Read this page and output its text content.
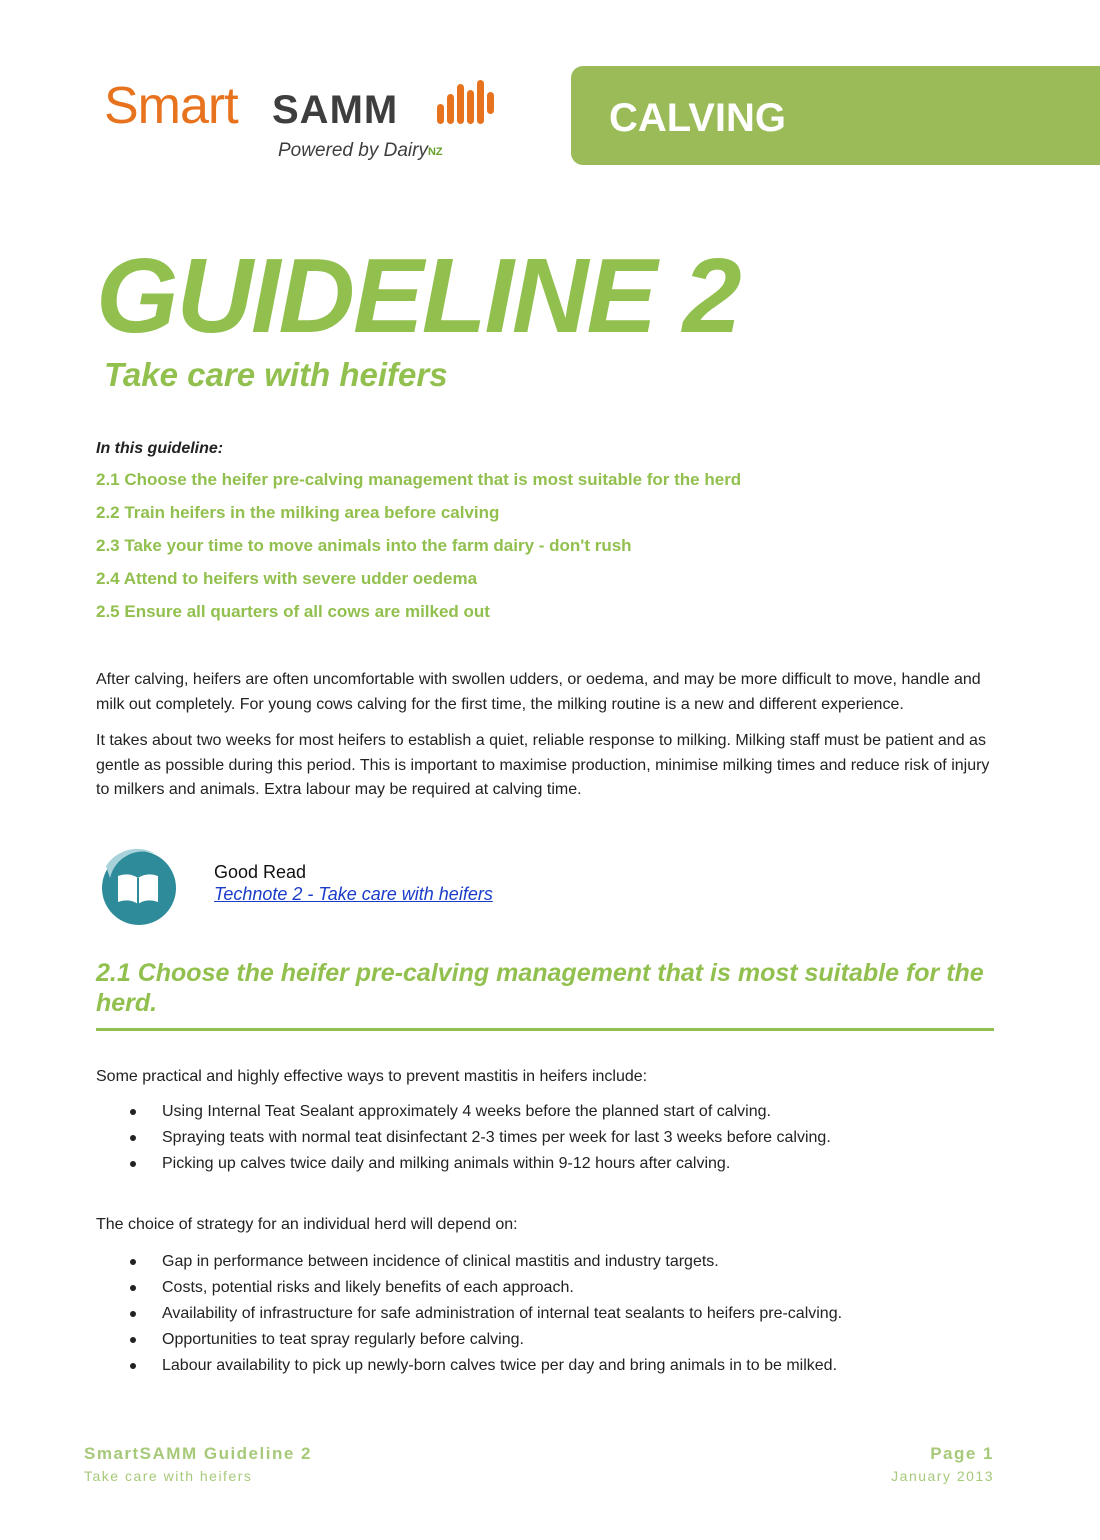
Smart SAMM
Powered by DairyNZ
CALVING
GUIDELINE 2
Take care with heifers
In this guideline:
2.1 Choose the heifer pre-calving management that is most suitable for the herd
2.2 Train heifers in the milking area before calving
2.3 Take your time to move animals into the farm dairy - don't rush
2.4 Attend to heifers with severe udder oedema
2.5 Ensure all quarters of all cows are milked out

After calving, heifers are often uncomfortable with swollen udders, or oedema, and may be more difficult to move, handle and milk out completely. For young cows calving for the first time, the milking routine is a new and different experience.

It takes about two weeks for most heifers to establish a quiet, reliable response to milking. Milking staff must be patient and as gentle as possible during this period. This is important to maximise production, minimise milking times and reduce risk of injury to milkers and animals. Extra labour may be required at calving time.

Good Read
Technote 2 - Take care with heifers
2.1 Choose the heifer pre-calving management that is most suitable for the herd.

Some practical and highly effective ways to prevent mastitis in heifers include:

Using Internal Teat Sealant approximately 4 weeks before the planned start of calving.
Spraying teats with normal teat disinfectant 2-3 times per week for last 3 weeks before calving.
Picking up calves twice daily and milking animals within 9-12 hours after calving.

The choice of strategy for an individual herd will depend on:

Gap in performance between incidence of clinical mastitis and industry targets.
Costs, potential risks and likely benefits of each approach.
Availability of infrastructure for safe administration of internal teat sealants to heifers pre-calving.
Opportunities to teat spray regularly before calving.
Labour availability to pick up newly-born calves twice per day and bring animals in to be milked.
SmartSAMM Guideline 2
Take care with heifers
Page 1
January 2013
